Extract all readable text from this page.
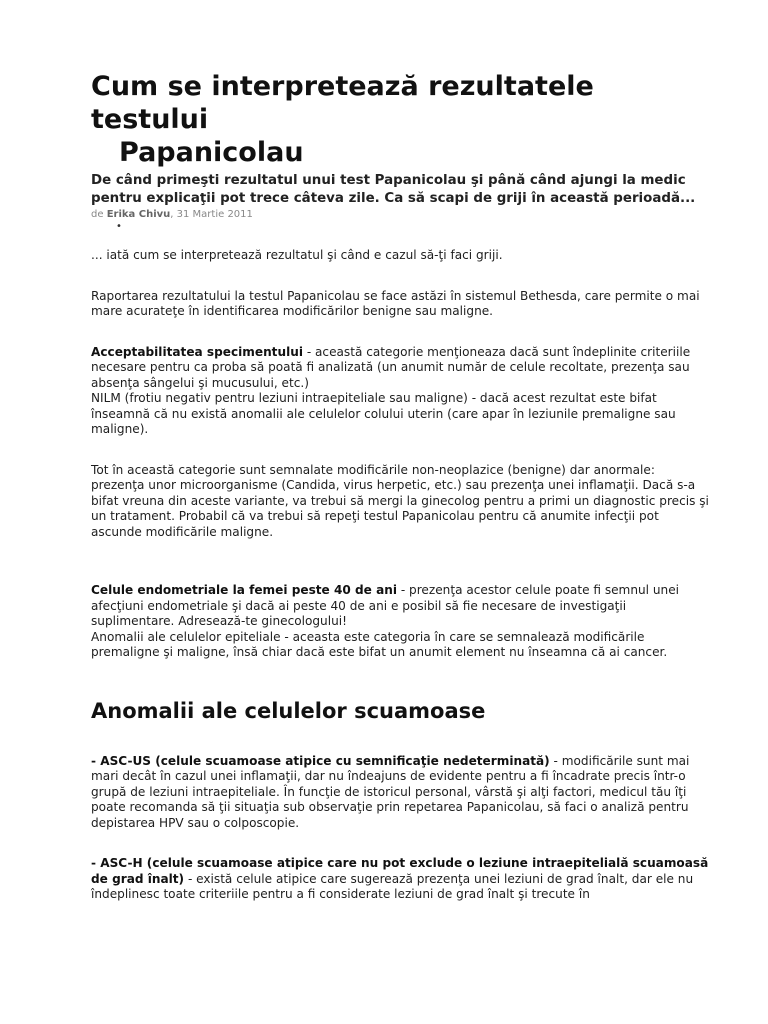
Cum se interpretează rezultatele testului
Papanicolau

De când primeşti rezultatul unui test Papanicolau şi până când ajungi la medic pentru explicaţii pot trece câteva zile. Ca să scapi de griji în această perioadă...

de Erika Chivu, 31 Martie 2011
•

... iată cum se interpretează rezultatul şi când e cazul să-ţi faci griji.

Raportarea rezultatului la testul Papanicolau se face astăzi în sistemul Bethesda, care permite o mai mare acurateţe în identificarea modificărilor benigne sau maligne.

Acceptabilitatea specimentului - această categorie menţioneaza dacă sunt îndeplinite criteriile necesare pentru ca proba să poată fi analizată (un anumit număr de celule recoltate, prezenţa sau absenţa sângelui şi mucusului, etc.)

NILM (frotiu negativ pentru leziuni intraepiteliale sau maligne) - dacă acest rezultat este bifat înseamnă că nu există anomalii ale celulelor colului uterin (care apar în leziunile premaligne sau maligne).

Tot în această categorie sunt semnalate modificările non-neoplazice (benigne) dar anormale: prezenţa unor microorganisme (Candida, virus herpetic, etc.) sau prezenţa unei inflamaţii. Dacă s-a bifat vreuna din aceste variante, va trebui să mergi la ginecolog pentru a primi un diagnostic precis şi un tratament. Probabil că va trebui să repeţi testul Papanicolau pentru că anumite infecţii pot ascunde modificările maligne.

Celule endometriale la femei peste 40 de ani - prezenţa acestor celule poate fi semnul unei afecţiuni endometriale şi dacă ai peste 40 de ani e posibil să fie necesare de investigaţii suplimentare. Adresează-te ginecologului!

Anomalii ale celulelor epiteliale - aceasta este categoria în care se semnalează modificările premaligne şi maligne, însă chiar dacă este bifat un anumit element nu înseamna că ai cancer.

Anomalii ale celulelor scuamoase

- ASC-US (celule scuamoase atipice cu semnificaţie nedeterminată) - modificările sunt mai mari decât în cazul unei inflamaţii, dar nu îndeajuns de evidente pentru a fi încadrate precis într-o grupă de leziuni intraepiteliale. În funcţie de istoricul personal, vârstă şi alţi factori, medicul tău îţi poate recomanda să ţii situaţia sub observaţie prin repetarea Papanicolau, să faci o analiză pentru depistarea HPV sau o colposcopie.

- ASC-H (celule scuamoase atipice care nu pot exclude o leziune intraepitelială scuamoasă de grad înalt) - există celule atipice care sugerează prezenţa unei leziuni de grad înalt, dar ele nu îndeplinesc toate criteriile pentru a fi considerate leziuni de grad înalt şi trecute în
